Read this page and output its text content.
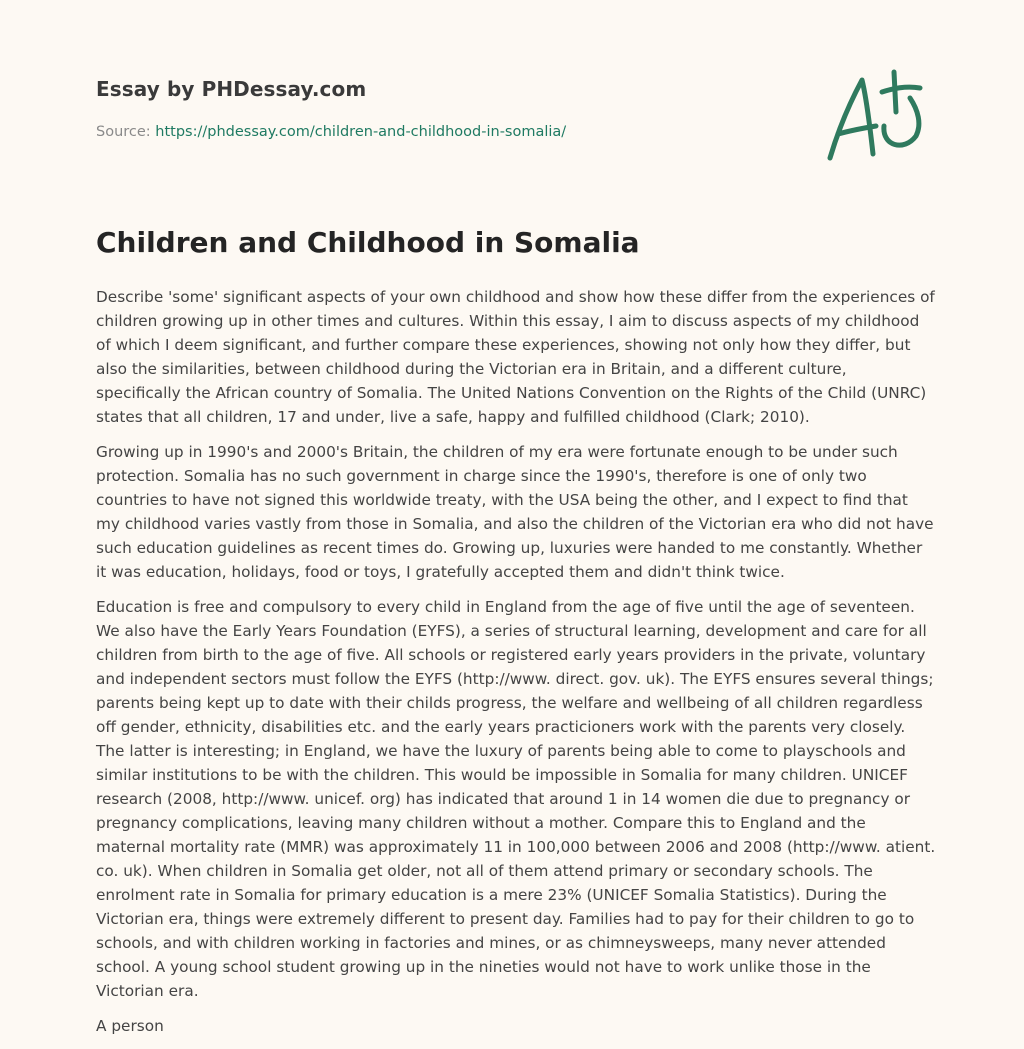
Essay by PHDessay.com
Source: https://phdessay.com/children-and-childhood-in-somalia/
Children and Childhood in Somalia

Describe 'some' significant aspects of your own childhood and show how these differ from the experiences of children growing up in other times and cultures. Within this essay, I aim to discuss aspects of my childhood of which I deem significant, and further compare these experiences, showing not only how they differ, but also the similarities, between childhood during the Victorian era in Britain, and a different culture, specifically the African country of Somalia. The United Nations Convention on the Rights of the Child (UNRC) states that all children, 17 and under, live a safe, happy and fulfilled childhood (Clark; 2010).

Growing up in 1990's and 2000's Britain, the children of my era were fortunate enough to be under such protection. Somalia has no such government in charge since the 1990's, therefore is one of only two countries to have not signed this worldwide treaty, with the USA being the other, and I expect to find that my childhood varies vastly from those in Somalia, and also the children of the Victorian era who did not have such education guidelines as recent times do. Growing up, luxuries were handed to me constantly. Whether it was education, holidays, food or toys, I gratefully accepted them and didn't think twice.

Education is free and compulsory to every child in England from the age of five until the age of seventeen. We also have the Early Years Foundation (EYFS), a series of structural learning, development and care for all children from birth to the age of five. All schools or registered early years providers in the private, voluntary and independent sectors must follow the EYFS (http://www. direct. gov. uk). The EYFS ensures several things; parents being kept up to date with their childs progress, the welfare and wellbeing of all children regardless off gender, ethnicity, disabilities etc. and the early years practicioners work with the parents very closely. The latter is interesting; in England, we have the luxury of parents being able to come to playschools and similar institutions to be with the children. This would be impossible in Somalia for many children. UNICEF research (2008, http://www. unicef. org) has indicated that around 1 in 14 women die due to pregnancy or pregnancy complications, leaving many children without a mother. Compare this to England and the maternal mortality rate (MMR) was approximately 11 in 100,000 between 2006 and 2008 (http://www. atient. co. uk). When children in Somalia get older, not all of them attend primary or secondary schools. The enrolment rate in Somalia for primary education is a mere 23% (UNICEF Somalia Statistics). During the Victorian era, things were extremely different to present day. Families had to pay for their children to go to schools, and with children working in factories and mines, or as chimneysweeps, many never attended school. A young school student growing up in the nineties would not have to work unlike those in the Victorian era.

A person
